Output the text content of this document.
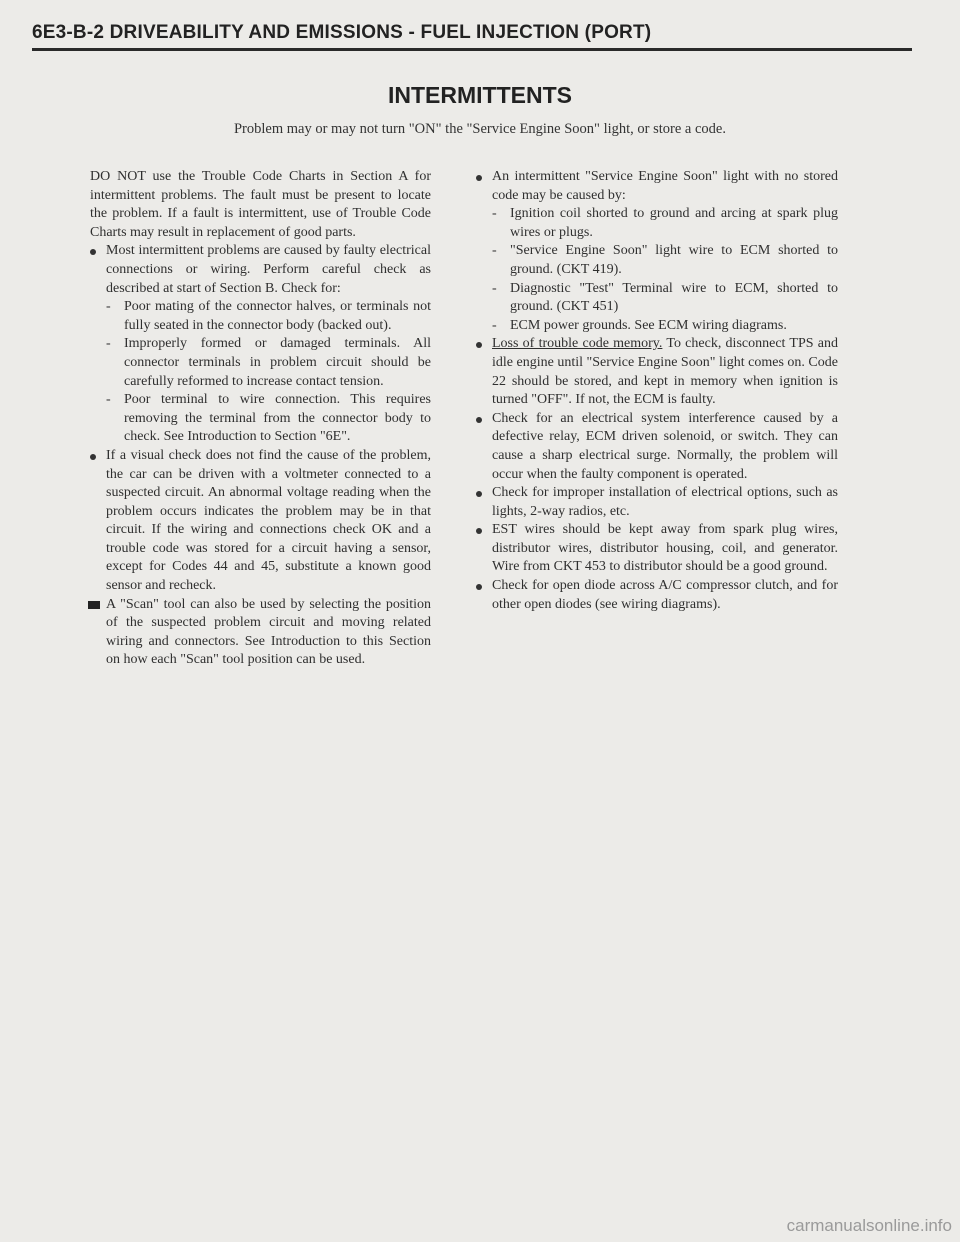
6E3-B-2 DRIVEABILITY AND EMISSIONS - FUEL INJECTION (PORT)
INTERMITTENTS
Problem may or may not turn "ON" the "Service Engine Soon" light, or store a code.

DO NOT use the Trouble Code Charts in Section A for intermittent problems. The fault must be present to locate the problem. If a fault is intermittent, use of Trouble Code Charts may result in replacement of good parts.

Most intermittent problems are caused by faulty electrical connections or wiring. Perform careful check as described at start of Section B. Check for:
- Poor mating of the connector halves, or terminals not fully seated in the connector body (backed out).
- Improperly formed or damaged terminals. All connector terminals in problem circuit should be carefully reformed to increase contact tension.
- Poor terminal to wire connection. This requires removing the terminal from the connector body to check. See Introduction to Section "6E".
If a visual check does not find the cause of the problem, the car can be driven with a voltmeter connected to a suspected circuit. An abnormal voltage reading when the problem occurs indicates the problem may be in that circuit. If the wiring and connections check OK and a trouble code was stored for a circuit having a sensor, except for Codes 44 and 45, substitute a known good sensor and recheck.
A "Scan" tool can also be used by selecting the position of the suspected problem circuit and moving related wiring and connectors. See Introduction to this Section on how each "Scan" tool position can be used.
An intermittent "Service Engine Soon" light with no stored code may be caused by:
- Ignition coil shorted to ground and arcing at spark plug wires or plugs.
- "Service Engine Soon" light wire to ECM shorted to ground. (CKT 419).
- Diagnostic "Test" Terminal wire to ECM, shorted to ground. (CKT 451)
- ECM power grounds. See ECM wiring diagrams.
Loss of trouble code memory. To check, disconnect TPS and idle engine until "Service Engine Soon" light comes on. Code 22 should be stored, and kept in memory when ignition is turned "OFF". If not, the ECM is faulty.
Check for an electrical system interference caused by a defective relay, ECM driven solenoid, or switch. They can cause a sharp electrical surge. Normally, the problem will occur when the faulty component is operated.
Check for improper installation of electrical options, such as lights, 2-way radios, etc.
EST wires should be kept away from spark plug wires, distributor wires, distributor housing, coil, and generator. Wire from CKT 453 to distributor should be a good ground.
Check for open diode across A/C compressor clutch, and for other open diodes (see wiring diagrams).
carmanualsonline.info
